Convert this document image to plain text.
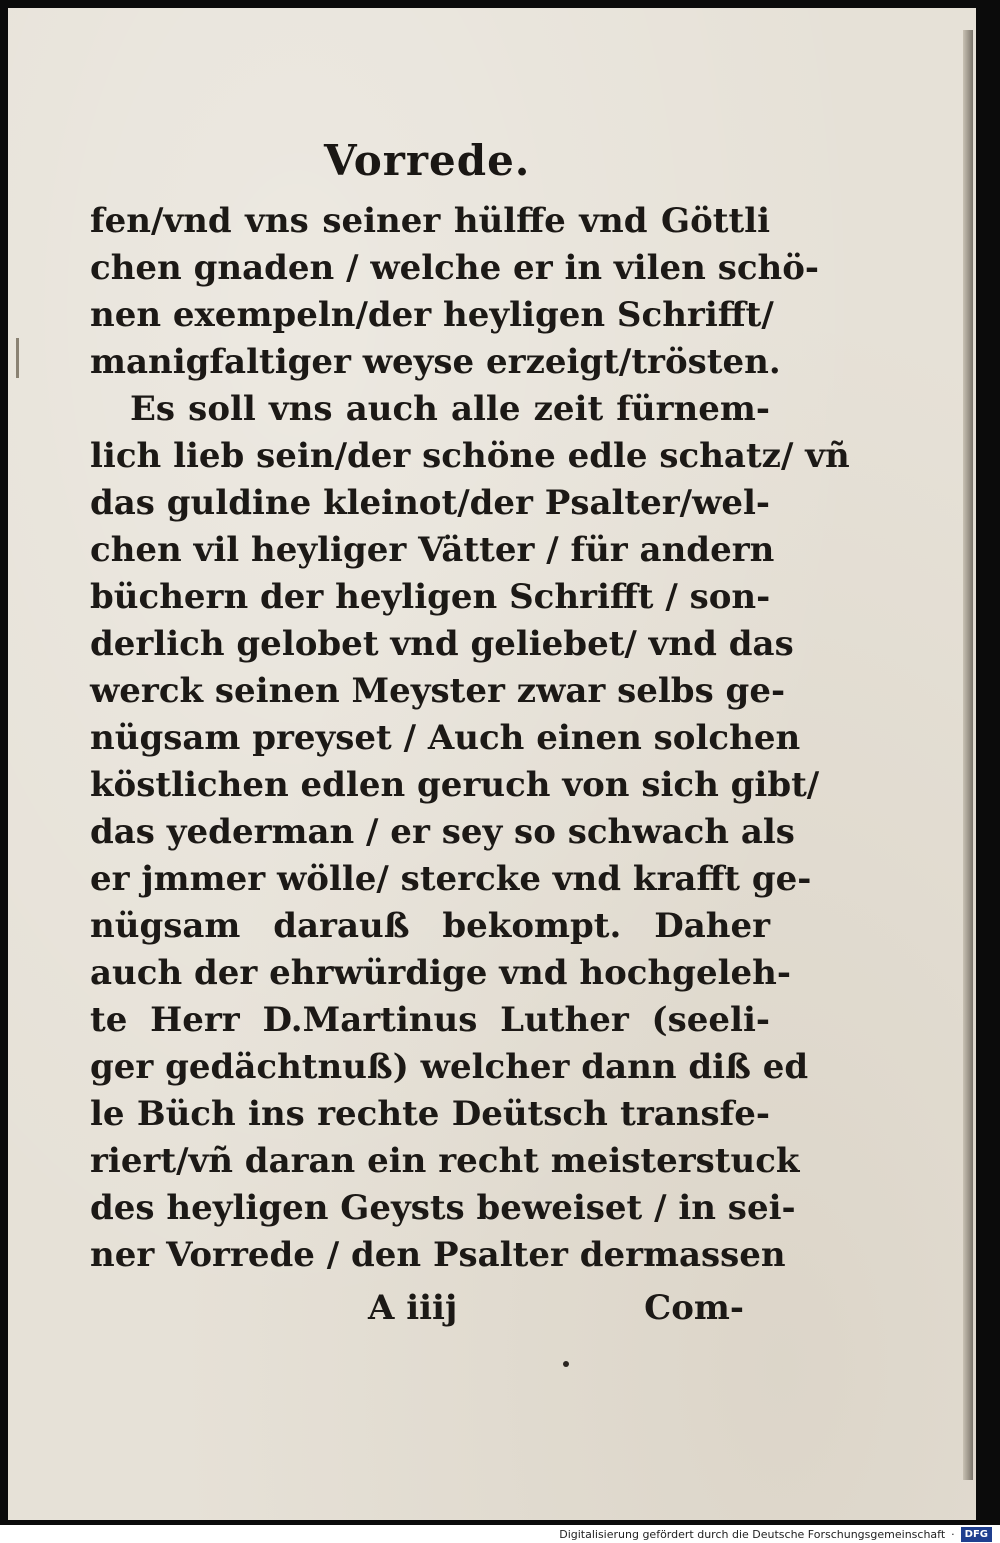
Vorrede.
fen/vnd vns seiner hülffe vnd Göttli
chen gnaden / welche er in vilen schö-
nen exempeln/der heyligen Schrifft/
manigfaltiger weyse erzeigt/trösten.
Es soll vns auch alle zeit fürnem-
lich lieb sein/der schöne edle schatz/ vñ
das guldine kleinot/der Psalter/wel-
chen vil heyliger Vätter / für andern
büchern der heyligen Schrifft / son-
derlich gelobet vnd geliebet/ vnd das
werck seinen Meyster zwar selbs ge-
nügsam preyset / Auch einen solchen
köstlichen edlen geruch von sich gibt/
das yederman / er sey so schwach als
er jmmer wölle/ stercke vnd krafft ge-
nügsam darauß bekompt. Daher
auch der ehrwürdige vnd hochgeleh-
te Herr D.Martinus Luther (seeli-
ger gedächtnuß) welcher dann diß ed
le Büch ins rechte Deütsch transfe-
riert/vñ daran ein recht meisterstuck
des heyligen Geysts beweiset / in sei-
ner Vorrede / den Psalter dermassen
A iiij	Com-
Digitalisierung gefördert durch die Deutsche Forschungsgemeinschaft ·	DFG
